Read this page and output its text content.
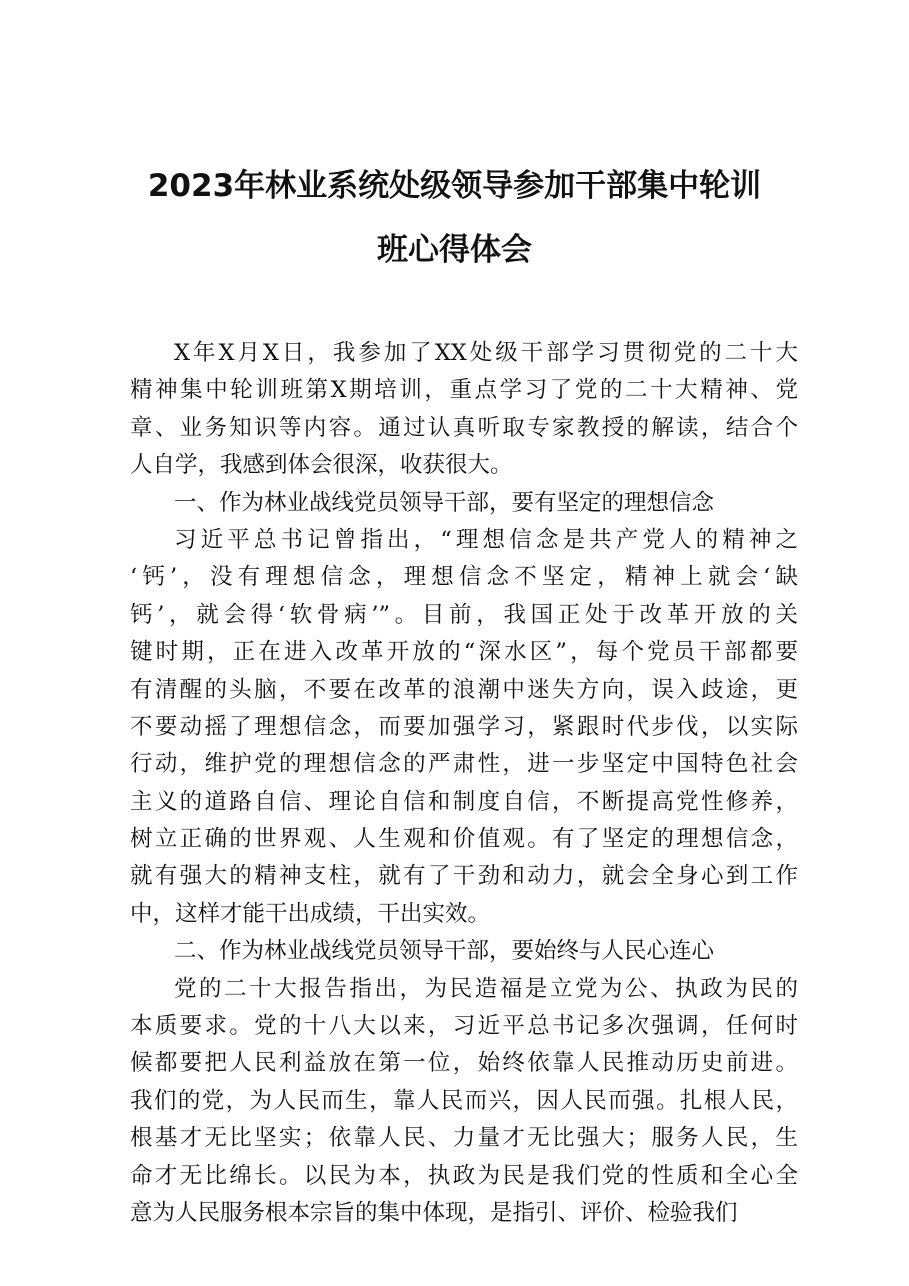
2023年林业系统处级领导参加干部集中轮训
班心得体会
X年X月X日，我参加了XX处级干部学习贯彻党的二十大
精神集中轮训班第X期培训，重点学习了党的二十大精神、党
章、业务知识等内容。通过认真听取专家教授的解读，结合个
人自学，我感到体会很深，收获很大。
一、作为林业战线党员领导干部，要有坚定的理想信念
习近平总书记曾指出，“理想信念是共产党人的精神之
‘钙’，没有理想信念，理想信念不坚定，精神上就会‘缺
钙’，就会得‘软骨病’”。目前，我国正处于改革开放的关
键时期，正在进入改革开放的“深水区”，每个党员干部都要
有清醒的头脑，不要在改革的浪潮中迷失方向，误入歧途，更
不要动摇了理想信念，而要加强学习，紧跟时代步伐，以实际
行动，维护党的理想信念的严肃性，进一步坚定中国特色社会
主义的道路自信、理论自信和制度自信，不断提高党性修养，
树立正确的世界观、人生观和价值观。有了坚定的理想信念，
就有强大的精神支柱，就有了干劲和动力，就会全身心到工作
中，这样才能干出成绩，干出实效。
二、作为林业战线党员领导干部，要始终与人民心连心
党的二十大报告指出，为民造福是立党为公、执政为民的
本质要求。党的十八大以来，习近平总书记多次强调，任何时
候都要把人民利益放在第一位，始终依靠人民推动历史前进。
我们的党，为人民而生，靠人民而兴，因人民而强。扎根人民，
根基才无比坚实；依靠人民、力量才无比强大；服务人民，生
命才无比绵长。以民为本，执政为民是我们党的性质和全心全
意为人民服务根本宗旨的集中体现，是指引、评价、检验我们
